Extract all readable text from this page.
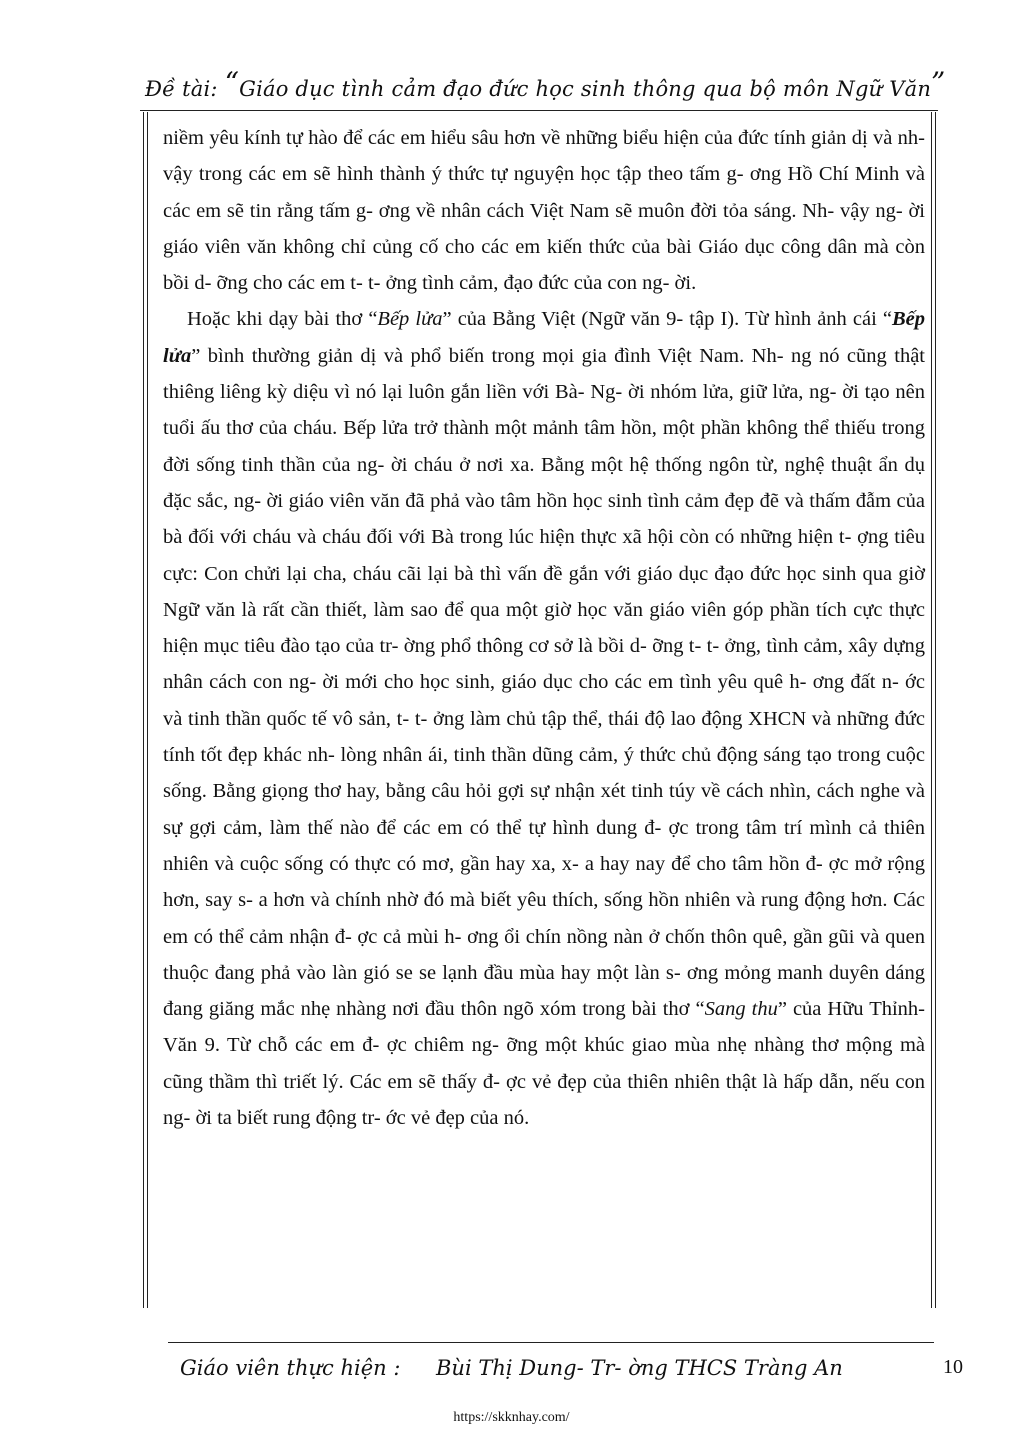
Đề tài: “Giáo dục tình cảm đạo đức học sinh thông qua bộ môn Ngữ Văn”

niềm yêu kính tự hào để các em hiểu sâu hơn về những biểu hiện của đức tính giản dị và nh- vậy trong các em sẽ hình thành ý thức tự nguyện học tập theo tấm g- ơng Hồ Chí Minh và các em sẽ tin rằng tấm g- ơng về nhân cách Việt Nam sẽ muôn đời tỏa sáng. Nh- vậy ng- ời giáo viên văn không chỉ củng cố cho các em kiến thức của bài Giáo dục công dân mà còn bồi d- ỡng cho các em t- t- ởng tình cảm, đạo đức của con ng- ời.

Hoặc khi dạy bài thơ “Bếp lửa” của Bằng Việt (Ngữ văn 9- tập I). Từ hình ảnh cái “Bếp lửa” bình thường giản dị và phổ biến trong mọi gia đình Việt Nam. Nh- ng nó cũng thật thiêng liêng kỳ diệu vì nó lại luôn gắn liền với Bà- Ng- ời nhóm lửa, giữ lửa, ng- ời tạo nên tuổi ấu thơ của cháu. Bếp lửa trở thành một mảnh tâm hồn, một phần không thể thiếu trong đời sống tinh thần của ng- ời cháu ở nơi xa. Bằng một hệ thống ngôn từ, nghệ thuật ẩn dụ đặc sắc, ng- ời giáo viên văn đã phả vào tâm hồn học sinh tình cảm đẹp đẽ và thấm đẫm của bà đối với cháu và cháu đối với Bà trong lúc hiện thực xã hội còn có những hiện t- ợng tiêu cực: Con chửi lại cha, cháu cãi lại bà thì vấn đề gắn với giáo dục đạo đức học sinh qua giờ Ngữ văn là rất cần thiết, làm sao để qua một giờ học văn giáo viên góp phần tích cực thực hiện mục tiêu đào tạo của tr- ờng phổ thông cơ sở là bồi d- ỡng t- t- ởng, tình cảm, xây dựng nhân cách con ng- ời mới cho học sinh, giáo dục cho các em tình yêu quê h- ơng đất n- ớc và tinh thần quốc tế vô sản, t- t- ởng làm chủ tập thể, thái độ lao động XHCN và những đức tính tốt đẹp khác nh- lòng nhân ái, tinh thần dũng cảm, ý thức chủ động sáng tạo trong cuộc sống. Bằng giọng thơ hay, bằng câu hỏi gợi sự nhận xét tinh túy về cách nhìn, cách nghe và sự gợi cảm, làm thế nào để các em có thể tự hình dung đ- ợc trong tâm trí mình cả thiên nhiên và cuộc sống có thực có mơ, gần hay xa, x- a hay nay để cho tâm hồn đ- ợc mở rộng hơn, say s- a hơn và chính nhờ đó mà biết yêu thích, sống hồn nhiên và rung động hơn. Các em có thể cảm nhận đ- ợc cả mùi h- ơng ổi chín nồng nàn ở chốn thôn quê, gần gũi và quen thuộc đang phả vào làn gió se se lạnh đầu mùa hay một làn s- ơng mỏng manh duyên dáng đang giăng mắc nhẹ nhàng nơi đầu thôn ngõ xóm trong bài thơ “Sang thu” của Hữu Thỉnh- Văn 9. Từ chỗ các em đ- ợc chiêm ng- ỡng một khúc giao mùa nhẹ nhàng thơ mộng mà cũng thầm thì triết lý. Các em sẽ thấy đ- ợc vẻ đẹp của thiên nhiên thật là hấp dẫn, nếu con ng- ời ta biết rung động tr- ớc vẻ đẹp của nó.

Giáo viên thực hiện : Bùi Thị Dung- Tr- ờng THCS Tràng An	10
https://skknhay.com/
